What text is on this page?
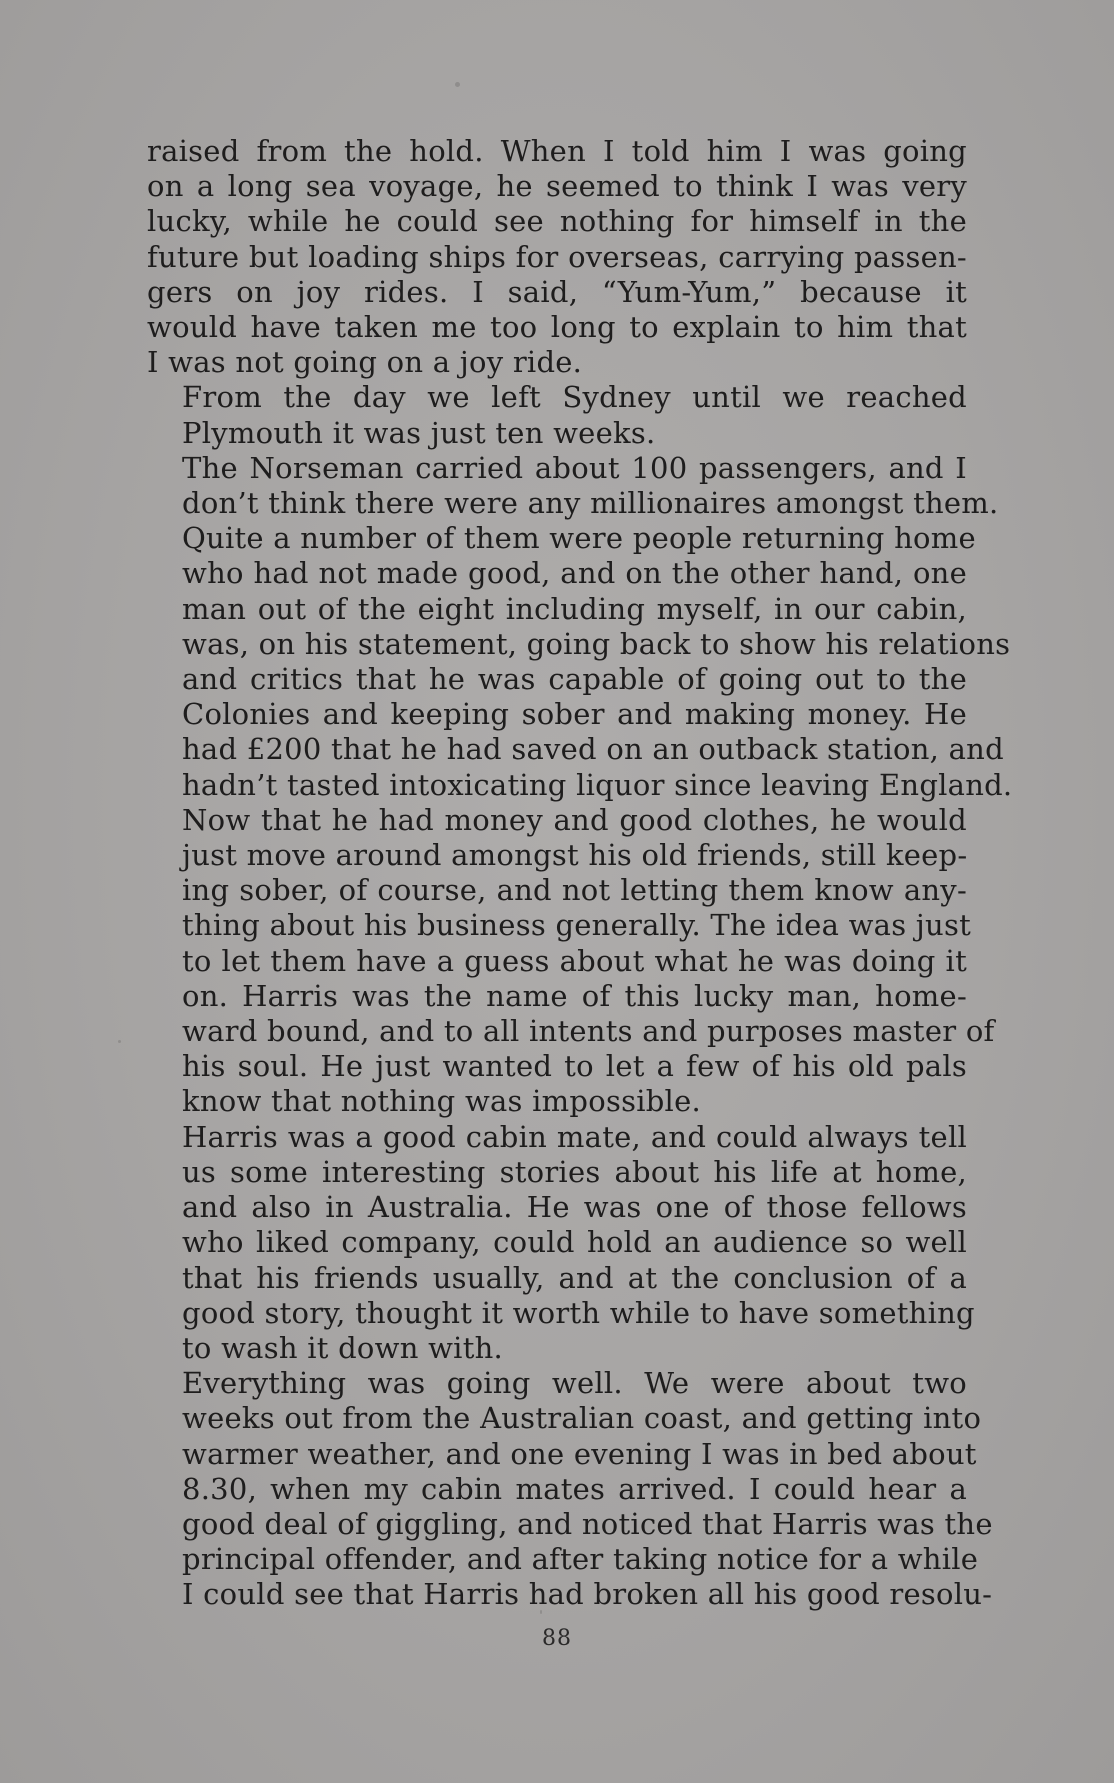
raised from the hold. When I told him I was going
on a long sea voyage, he seemed to think I was very
lucky, while he could see nothing for himself in the
future but loading ships for overseas, carrying passen-
gers on joy rides. I said, “Yum-Yum,” because it
would have taken me too long to explain to him that
I was not going on a joy ride.
From the day we left Sydney until we reached
Plymouth it was just ten weeks.
The Norseman carried about 100 passengers, and I
don’t think there were any millionaires amongst them.
Quite a number of them were people returning home
who had not made good, and on the other hand, one
man out of the eight including myself, in our cabin,
was, on his statement, going back to show his relations
and critics that he was capable of going out to the
Colonies and keeping sober and making money. He
had £200 that he had saved on an outback station, and
hadn’t tasted intoxicating liquor since leaving England.
Now that he had money and good clothes, he would
just move around amongst his old friends, still keep-
ing sober, of course, and not letting them know any-
thing about his business generally. The idea was just
to let them have a guess about what he was doing it
on. Harris was the name of this lucky man, home-
ward bound, and to all intents and purposes master of
his soul. He just wanted to let a few of his old pals
know that nothing was impossible.
Harris was a good cabin mate, and could always tell
us some interesting stories about his life at home,
and also in Australia. He was one of those fellows
who liked company, could hold an audience so well
that his friends usually, and at the conclusion of a
good story, thought it worth while to have something
to wash it down with.
Everything was going well. We were about two
weeks out from the Australian coast, and getting into
warmer weather, and one evening I was in bed about
8.30, when my cabin mates arrived. I could hear a
good deal of giggling, and noticed that Harris was the
principal offender, and after taking notice for a while
I could see that Harris had broken all his good resolu-
88
